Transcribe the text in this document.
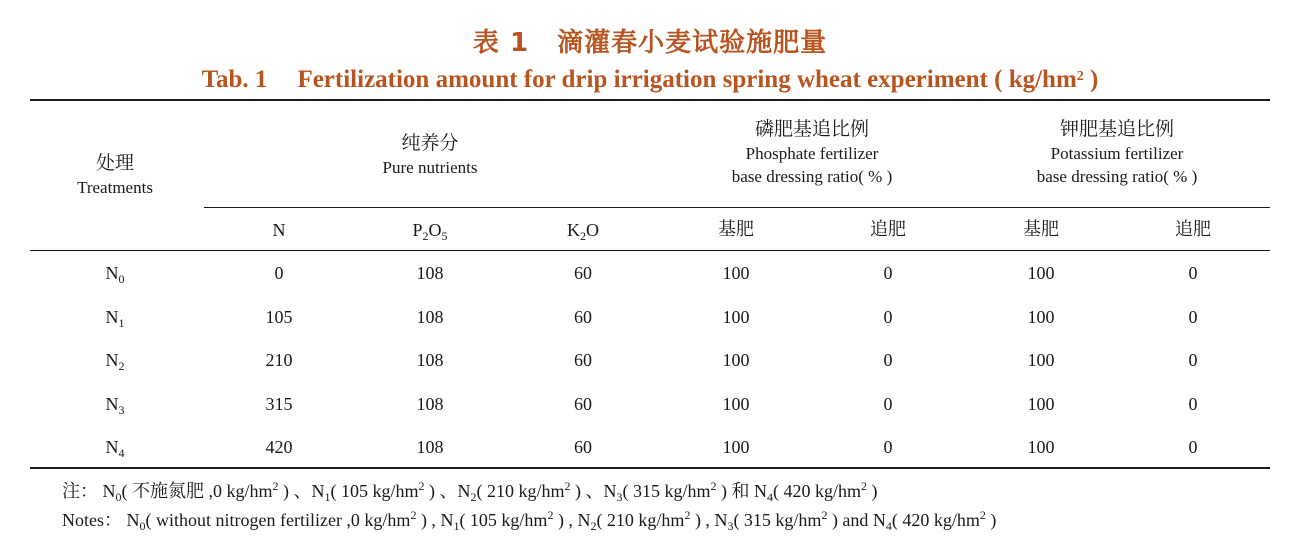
表 1 滴灌春小麦试验施肥量
Tab. 1 Fertilization amount for drip irrigation spring wheat experiment ( $kg/hm^2$ )
处理
Treatments
纯养分
Pure nutrients
磷肥基追比例
Phosphate fertilizer
base dressing ratio( % )
钾肥基追比例
Potassium fertilizer
base dressing ratio( % )
N	$P_2O_5$	$K_2O$	基肥	追肥	基肥	追肥
$N_0$	0	108	60	100	0	100	0
$N_1$	105	108	60	100	0	100	0
$N_2$	210	108	60	100	0	100	0
$N_3$	315	108	60	100	0	100	0
$N_4$	420	108	60	100	0	100	0
注： $N_0$( 不施氮肥 ,0 $kg/hm^2$ ) 、$N_1$( 105 $kg/hm^2$ ) 、$N_2$( 210 $kg/hm^2$ ) 、$N_3$( 315 $kg/hm^2$ ) 和 $N_4$( 420 $kg/hm^2$ )
Notes： $N_0$( without nitrogen fertilizer ,0 $kg/hm^2$ ) , $N_1$( 105 $kg/hm^2$ ) , $N_2$( 210 $kg/hm^2$ ) , $N_3$( 315 $kg/hm^2$ ) and $N_4$( 420 $kg/hm^2$ )
